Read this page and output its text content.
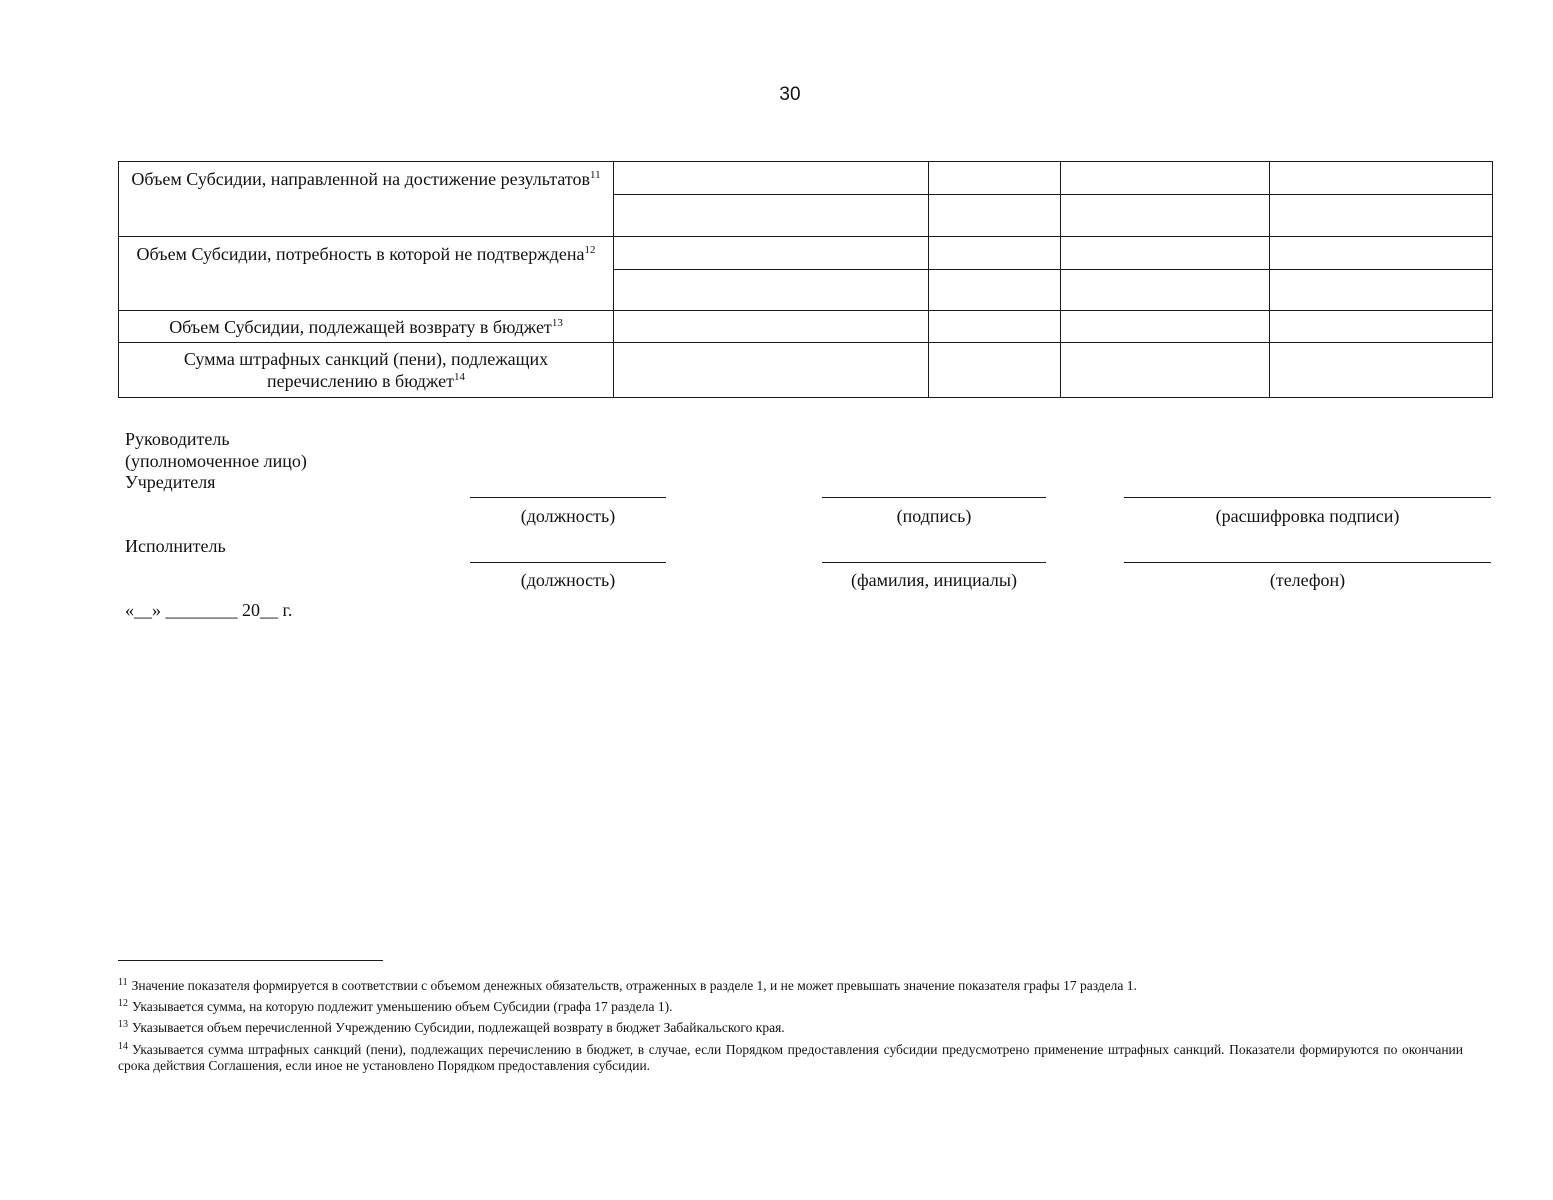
30
Объем Субсидии, направленной на достижение результатов$^{11}$				

Объем Субсидии, потребность в которой не подтверждена$^{12}$				

Объем Субсидии, подлежащей возврату в бюджет$^{13}$				
Сумма штрафных санкций (пени), подлежащих перечислению в бюджет$^{14}$				
Руководитель
(уполномоченное лицо)
Учредителя
(должность)	(подпись)	(расшифровка подписи)
Исполнитель
(должность)	(фамилия, инициалы)	(телефон)
«__» ________ 20__ г.
$^{11}$ Значение показателя формируется в соответствии с объемом денежных обязательств, отраженных в разделе 1, и не может превышать значение показателя графы 17 раздела 1.
$^{12}$ Указывается сумма, на которую подлежит уменьшению объем Субсидии (графа 17 раздела 1).
$^{13}$ Указывается объем перечисленной Учреждению Субсидии, подлежащей возврату в бюджет Забайкальского края.
$^{14}$ Указывается сумма штрафных санкций (пени), подлежащих перечислению в бюджет, в случае, если Порядком предоставления субсидии предусмотрено применение штрафных санкций. Показатели формируются по окончании срока действия Соглашения, если иное не установлено Порядком предоставления субсидии.
